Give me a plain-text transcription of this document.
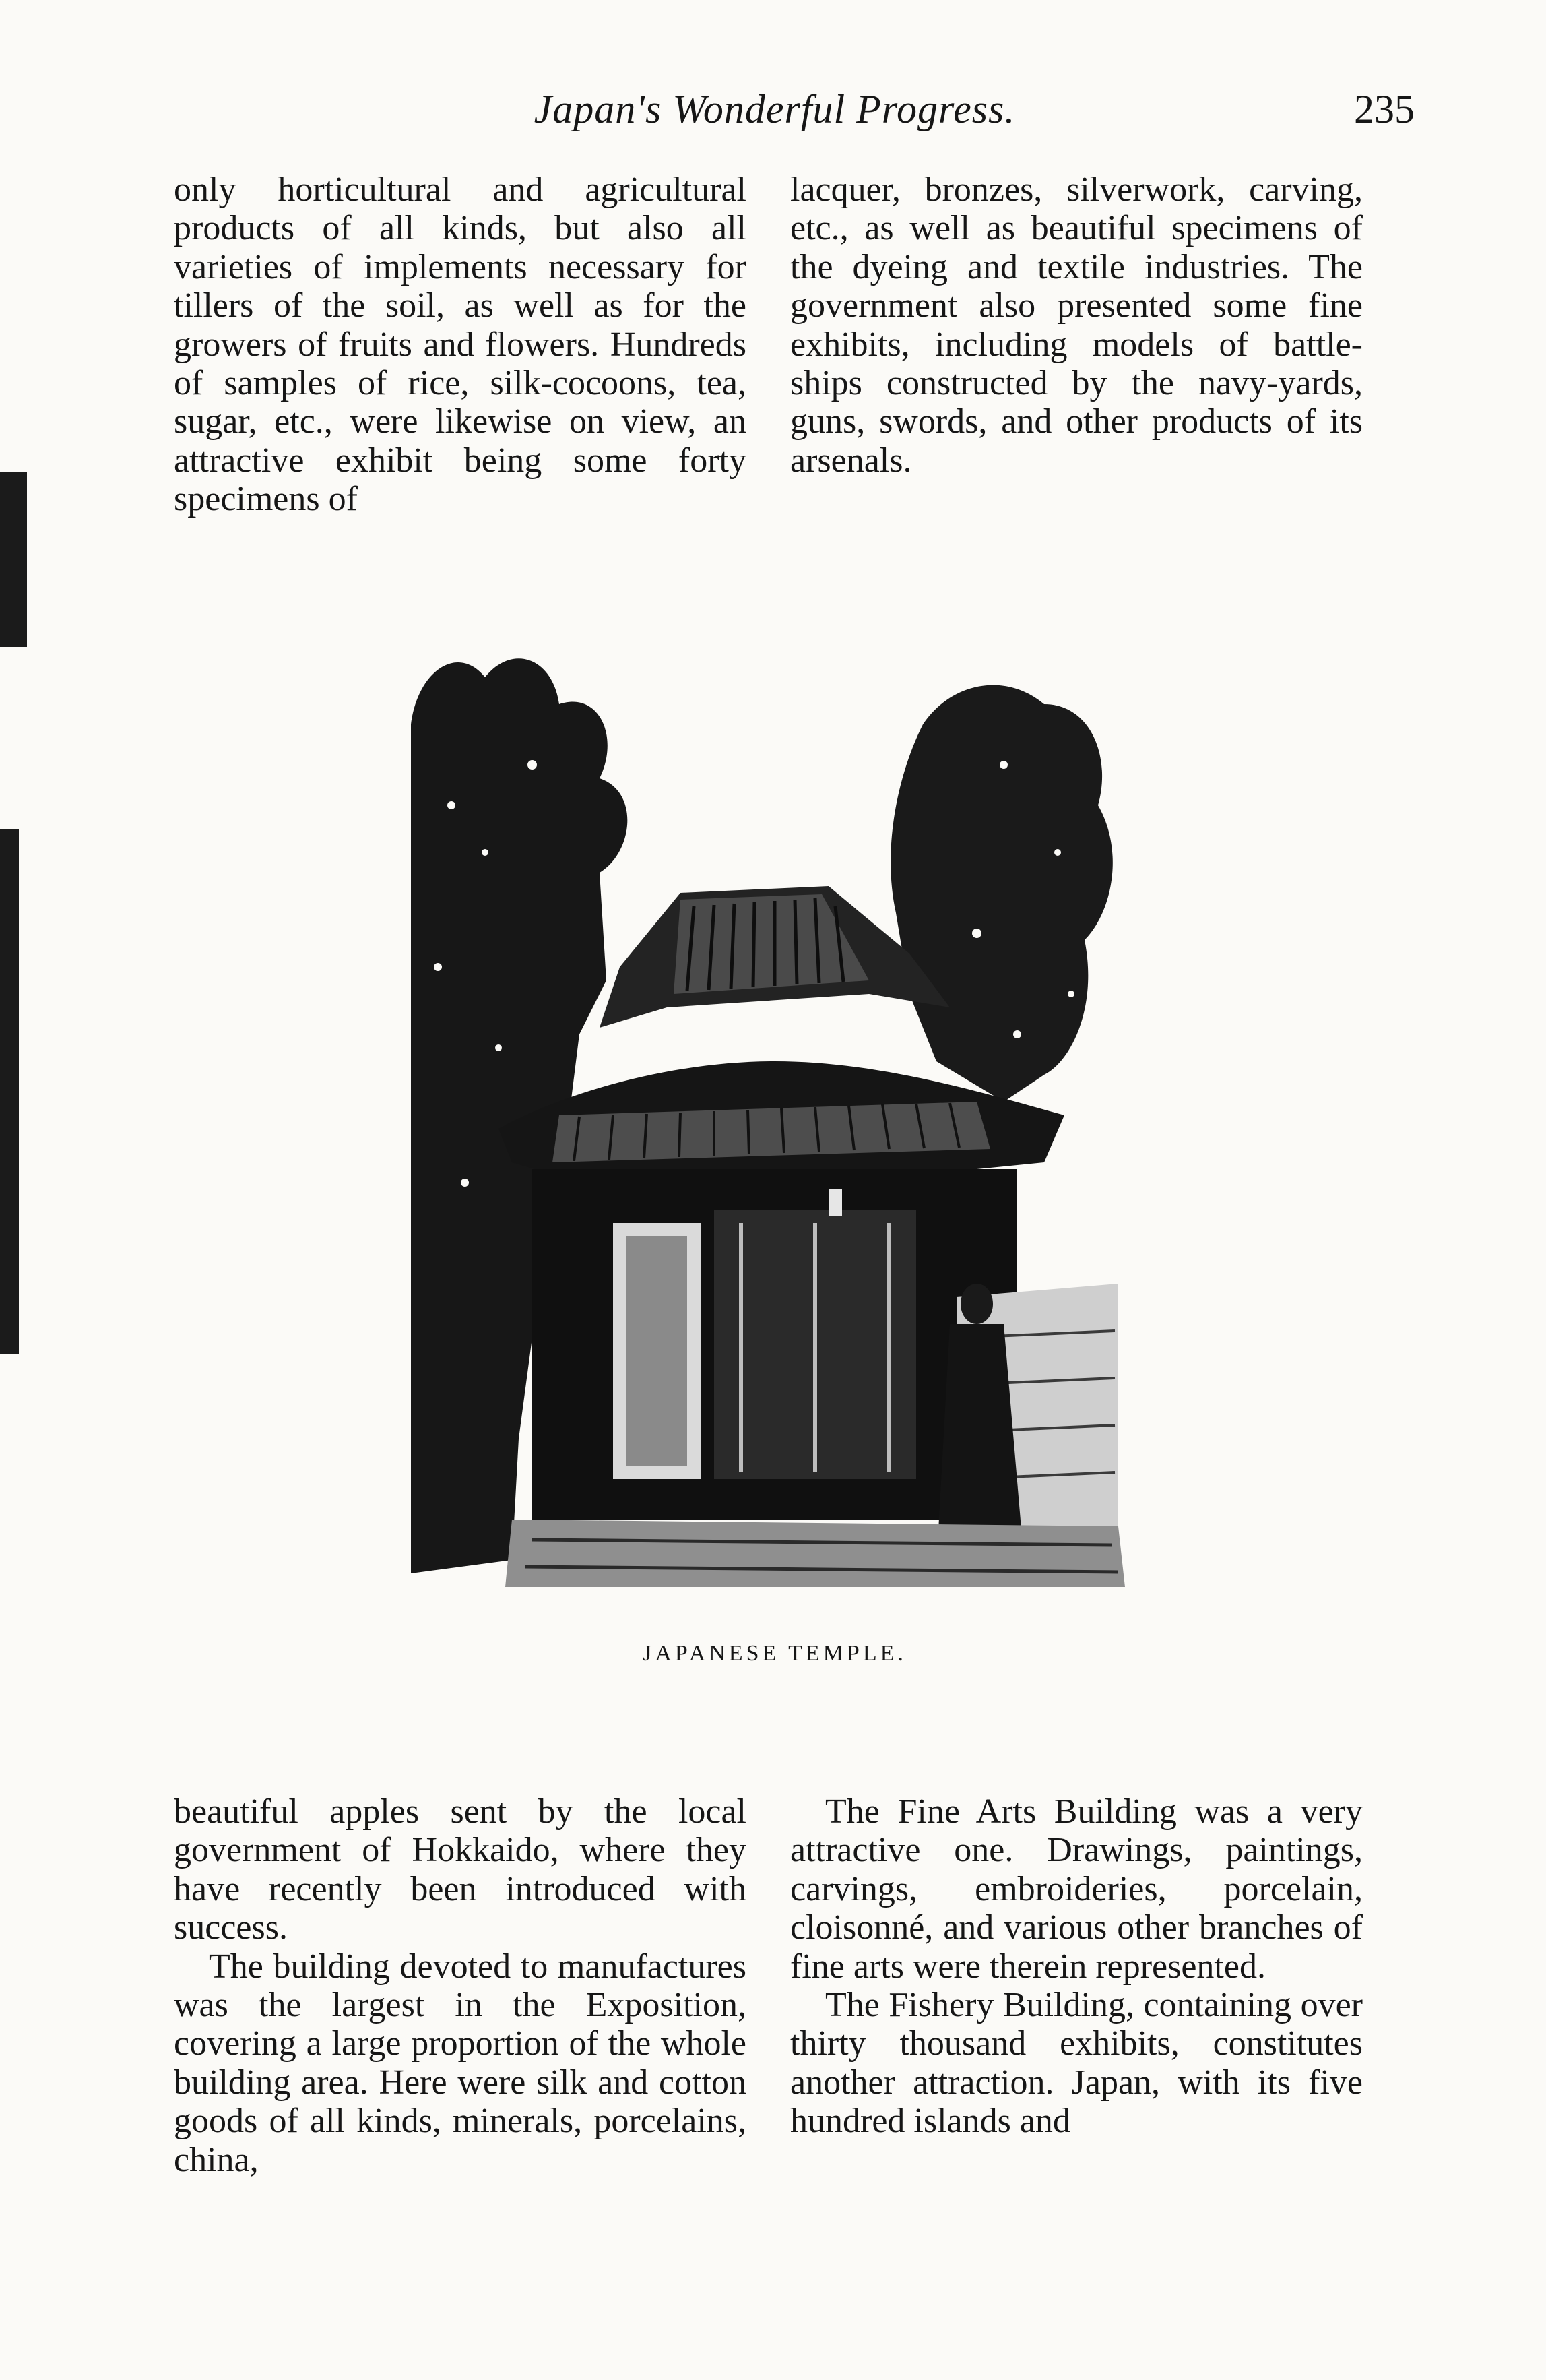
Japan's Wonderful Progress.	235

only horticultural and agricultural products of all kinds, but also all varieties of implements necessary for tillers of the soil, as well as for the growers of fruits and flowers. Hundreds of samples of rice, silk-cocoons, tea, sugar, etc., were likewise on view, an attractive exhibit being some forty specimens of

lacquer, bronzes, silverwork, carving, etc., as well as beautiful specimens of the dyeing and textile industries. The government also presented some fine exhibits, including models of battle-ships constructed by the navy-yards, guns, swords, and other products of its arsenals.

JAPANESE TEMPLE.

beautiful apples sent by the local government of Hokkaido, where they have recently been introduced with success.

The building devoted to manufactures was the largest in the Exposition, covering a large proportion of the whole building area. Here were silk and cotton goods of all kinds, minerals, porcelains, china,

The Fine Arts Building was a very attractive one. Drawings, paintings, carvings, embroideries, porcelain, cloisonné, and various other branches of fine arts were therein represented.

The Fishery Building, containing over thirty thousand exhibits, constitutes another attraction. Japan, with its five hundred islands and
